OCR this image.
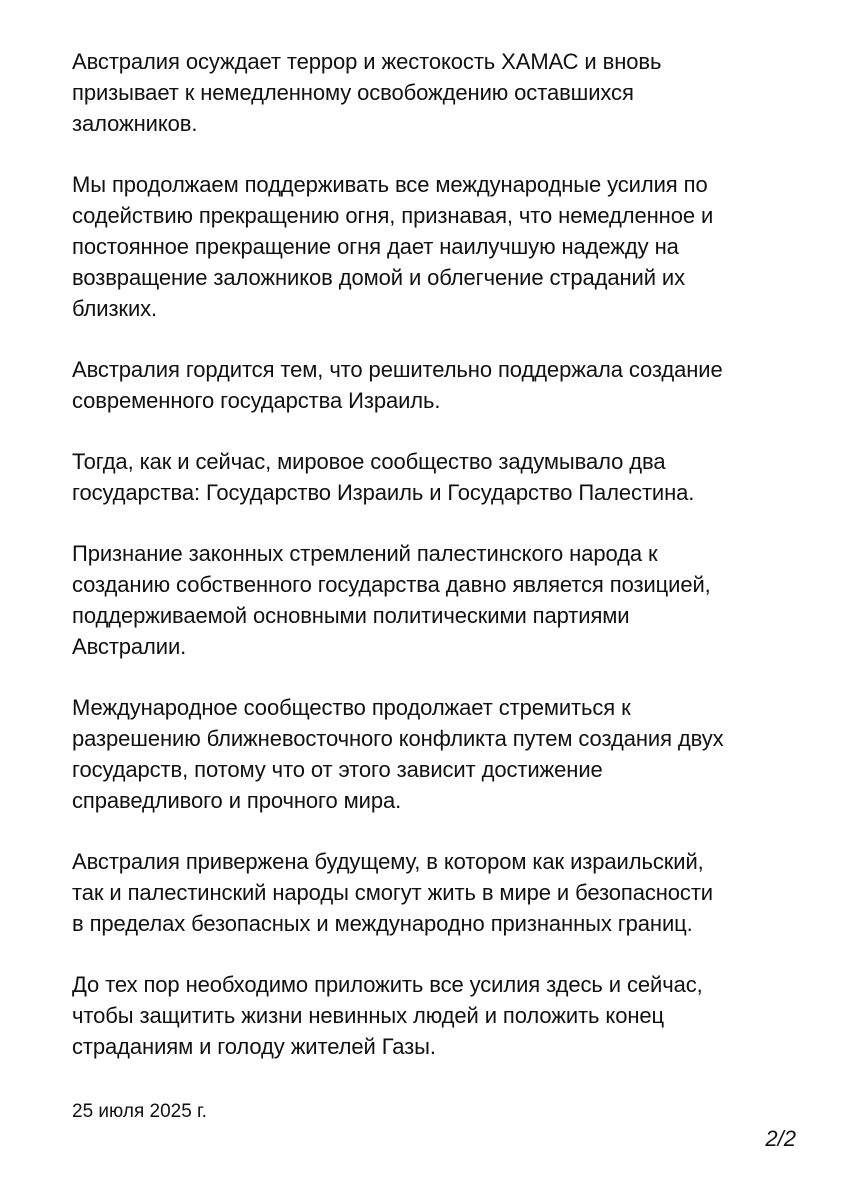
Австралия осуждает террор и жестокость ХАМАС и вновь
призывает к немедленному освобождению оставшихся
заложников.

Мы продолжаем поддерживать все международные усилия по
содействию прекращению огня, признавая, что немедленное и
постоянное прекращение огня дает наилучшую надежду на
возвращение заложников домой и облегчение страданий их
близких.

Австралия гордится тем, что решительно поддержала создание
современного государства Израиль.

Тогда, как и сейчас, мировое сообщество задумывало два
государства: Государство Израиль и Государство Палестина.

Признание законных стремлений палестинского народа к
созданию собственного государства давно является позицией,
поддерживаемой основными политическими партиями
Австралии.

Международное сообщество продолжает стремиться к
разрешению ближневосточного конфликта путем создания двух
государств, потому что от этого зависит достижение
справедливого и прочного мира.

Австралия привержена будущему, в котором как израильский,
так и палестинский народы смогут жить в мире и безопасности
в пределах безопасных и международно признанных границ.

До тех пор необходимо приложить все усилия здесь и сейчас,
чтобы защитить жизни невинных людей и положить конец
страданиям и голоду жителей Газы.

25 июля 2025 г.
2/2
